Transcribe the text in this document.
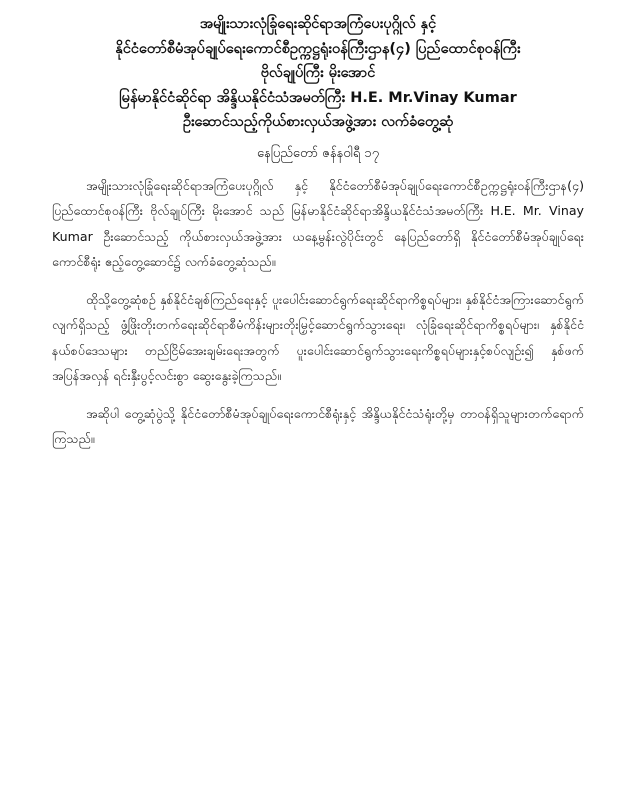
အမျိုးသားလုံခြုံရေးဆိုင်ရာအကြံပေးပုဂ္ဂိုလ် နှင့်
နိုင်ငံတော်စီမံအုပ်ချုပ်ရေးကောင်စီဥက္ကဋ္ဌရုံးဝန်ကြီးဌာန(၄) ပြည်ထောင်စုဝန်ကြီး
ဗိုလ်ချုပ်ကြီး မိုးအောင်
မြန်မာနိုင်ငံဆိုင်ရာ အိန္ဒိယနိုင်ငံသံအမတ်ကြီး H.E. Mr.Vinay Kumar
ဦးဆောင်သည့်ကိုယ်စားလှယ်အဖွဲ့အား လက်ခံတွေ့ဆုံ
နေပြည်တော် ဇန်နဝါရီ ၁၇

အမျိုးသားလုံခြုံရေးဆိုင်ရာအကြံပေးပုဂ္ဂိုလ် နှင့် နိုင်ငံတော်စီမံအုပ်ချုပ်ရေးကောင်စီဥက္ကဋ္ဌရုံးဝန်ကြီးဌာန(၄) ပြည်ထောင်စုဝန်ကြီး ဗိုလ်ချုပ်ကြီး မိုးအောင် သည် မြန်မာနိုင်ငံဆိုင်ရာအိန္ဒိယနိုင်ငံသံအမတ်ကြီး H.E. Mr. Vinay Kumar ဦးဆောင်သည့် ကိုယ်စားလှယ်အဖွဲ့အား ယနေ့မွန်းလွဲပိုင်းတွင် နေပြည်တော်ရှိ နိုင်ငံတော်စီမံအုပ်ချုပ်ရေးကောင်စီရုံး ဧည့်တွေ့ဆောင်၌ လက်ခံတွေ့ဆုံသည်။

ထိုသို့တွေ့ဆုံစဉ် နှစ်နိုင်ငံချစ်ကြည်ရေးနှင့် ပူးပေါင်းဆောင်ရွက်ရေးဆိုင်ရာကိစ္စရပ်များ၊ နှစ်နိုင်ငံအကြားဆောင်ရွက်လျက်ရှိသည့် ဖွံ့ဖြိုးတိုးတက်ရေးဆိုင်ရာစီမံကိန်းများတိုးမြှင့်ဆောင်ရွက်သွားရေး၊ လုံခြုံရေးဆိုင်ရာကိစ္စရပ်များ၊ နှစ်နိုင်ငံနယ်စပ်ဒေသများ တည်ငြိမ်အေးချမ်းရေးအတွက် ပူးပေါင်းဆောင်ရွက်သွားရေးကိစ္စရပ်များနှင့်စပ်လျဉ်း၍ နှစ်ဖက်အပြန်အလှန် ရင်းနှီးပွင့်လင်းစွာ ဆွေးနွေးခဲ့ကြသည်။

အဆိုပါ တွေ့ဆုံပွဲသို့ နိုင်ငံတော်စီမံအုပ်ချုပ်ရေးကောင်စီရုံးနှင့် အိန္ဒိယနိုင်ငံသံရုံးတို့မှ တာဝန်ရှိသူများတက်ရောက်ကြသည်။
